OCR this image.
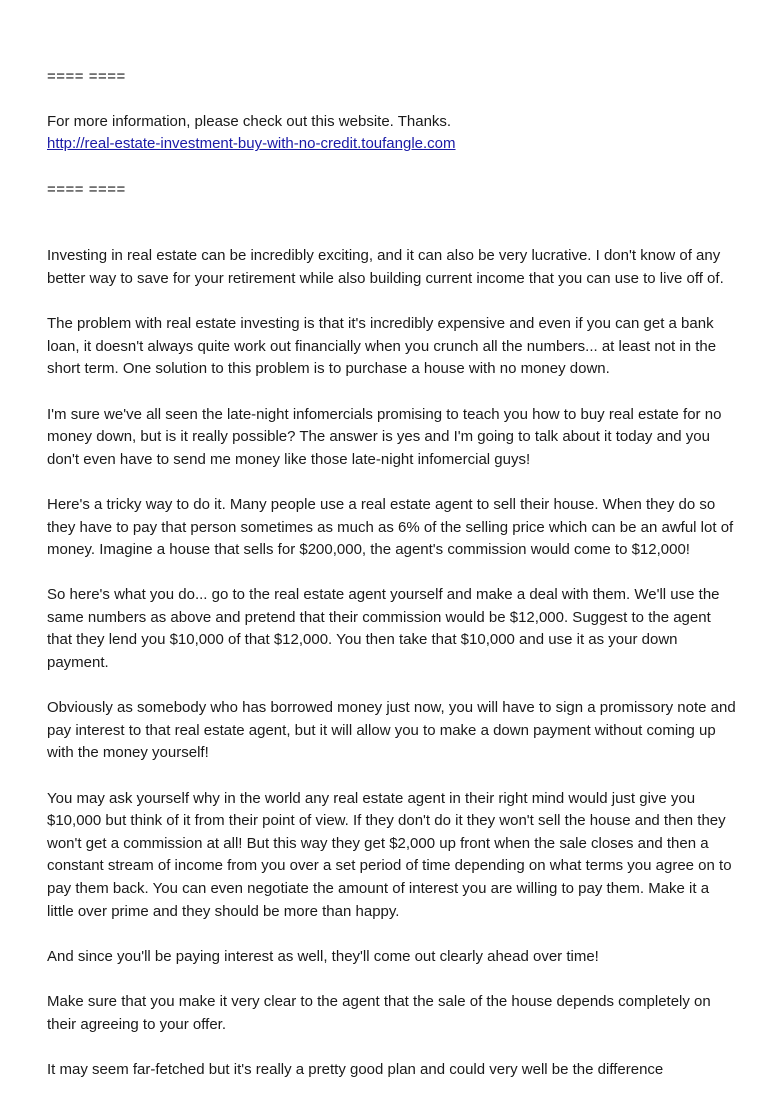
==== ====
For more information, please check out this website. Thanks.
http://real-estate-investment-buy-with-no-credit.toufangle.com
==== ====

Investing in real estate can be incredibly exciting, and it can also be very lucrative. I don't know of any better way to save for your retirement while also building current income that you can use to live off of.

The problem with real estate investing is that it's incredibly expensive and even if you can get a bank loan, it doesn't always quite work out financially when you crunch all the numbers... at least not in the short term. One solution to this problem is to purchase a house with no money down.

I'm sure we've all seen the late-night infomercials promising to teach you how to buy real estate for no money down, but is it really possible? The answer is yes and I'm going to talk about it today and you don't even have to send me money like those late-night infomercial guys!

Here's a tricky way to do it. Many people use a real estate agent to sell their house. When they do so they have to pay that person sometimes as much as 6% of the selling price which can be an awful lot of money. Imagine a house that sells for $200,000, the agent's commission would come to $12,000!

So here's what you do... go to the real estate agent yourself and make a deal with them. We'll use the same numbers as above and pretend that their commission would be $12,000. Suggest to the agent that they lend you $10,000 of that $12,000. You then take that $10,000 and use it as your down payment.

Obviously as somebody who has borrowed money just now, you will have to sign a promissory note and pay interest to that real estate agent, but it will allow you to make a down payment without coming up with the money yourself!

You may ask yourself why in the world any real estate agent in their right mind would just give you $10,000 but think of it from their point of view. If they don't do it they won't sell the house and then they won't get a commission at all! But this way they get $2,000 up front when the sale closes and then a constant stream of income from you over a set period of time depending on what terms you agree on to pay them back. You can even negotiate the amount of interest you are willing to pay them. Make it a little over prime and they should be more than happy.

And since you'll be paying interest as well, they'll come out clearly ahead over time!

Make sure that you make it very clear to the agent that the sale of the house depends completely on their agreeing to your offer.

It may seem far-fetched but it's really a pretty good plan and could very well be the difference
